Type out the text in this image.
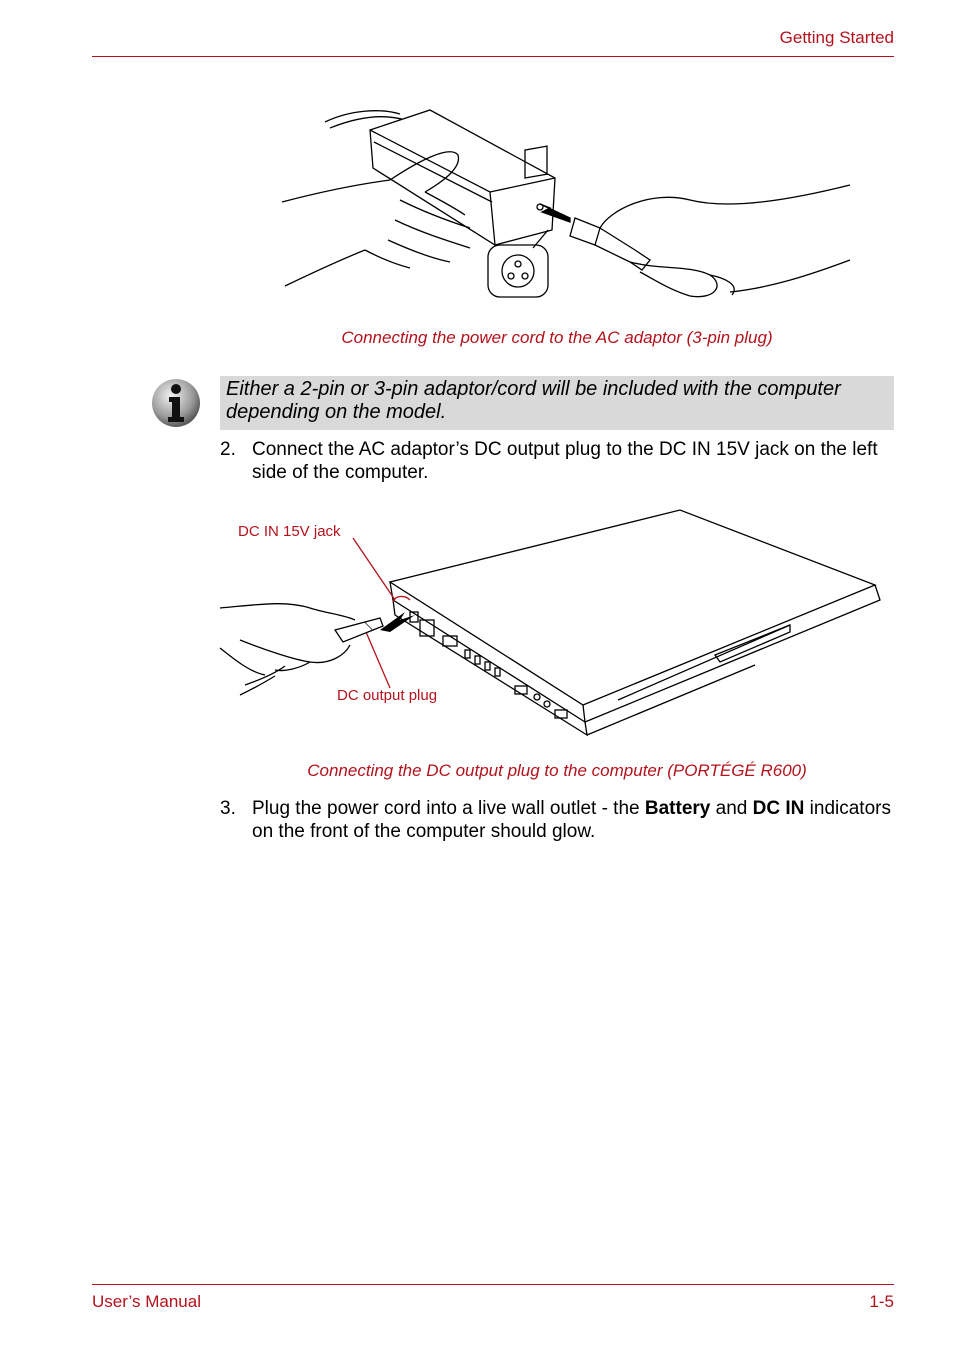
Getting Started
Connecting the power cord to the AC adaptor (3-pin plug)
Either a 2-pin or 3-pin adaptor/cord will be included with the computer depending on the model.
2. Connect the AC adaptor’s DC output plug to the DC IN 15V jack on the left side of the computer.
DC IN 15V jack
DC output plug
Connecting the DC output plug to the computer (PORTÉGÉ R600)
3. Plug the power cord into a live wall outlet - the Battery and DC IN indicators on the front of the computer should glow.
User’s Manual	1-5
